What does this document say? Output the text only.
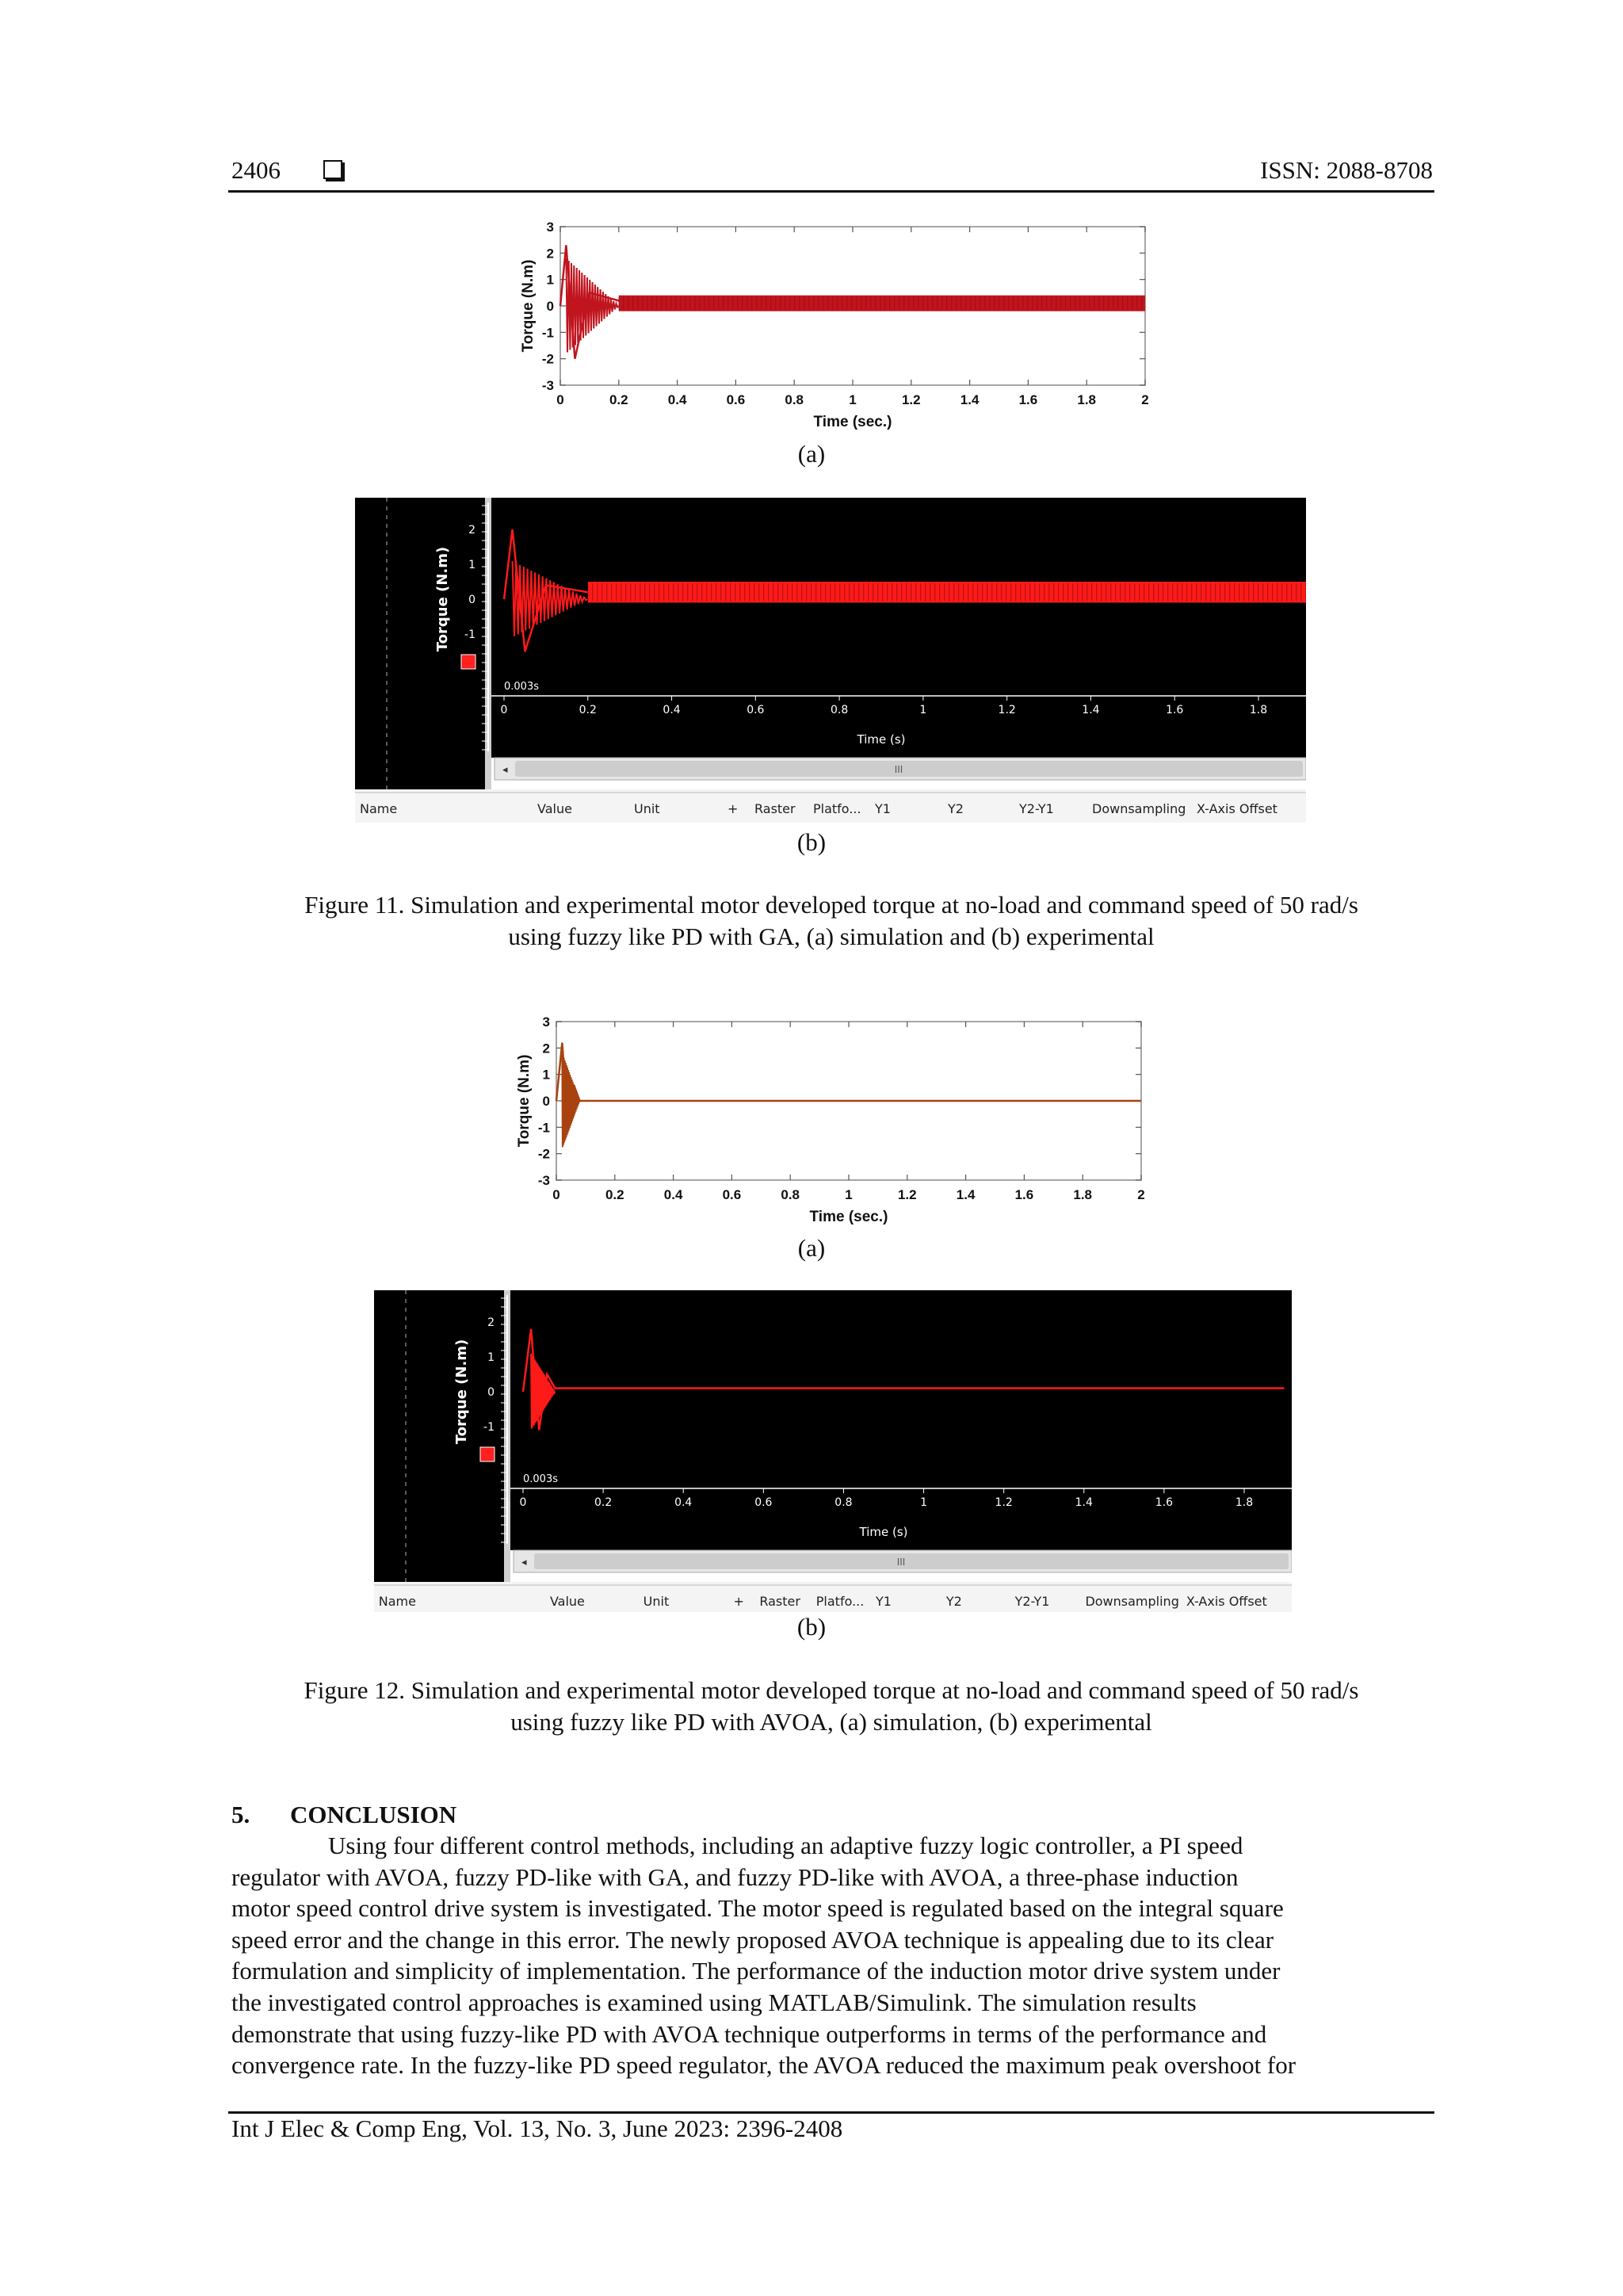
2406	ISSN: 2088-8708
0	0.2	0.4	0.6	0.8	1	1.2	1.4	1.6	1.8	2
3
2
1
0
-1
-2
-3
Time (sec.)
Torque (N.m)
(a)
2
1
0
-1
Torque (N.m)
0.003s
0	0.2	0.4	0.6	0.8	1	1.2	1.4	1.6	1.8
Time (s)
◂	III
Name	Value	Unit	+ Raster Platfo... Y1	Y2	Y2-Y1	Downsampling X-Axis Offset
(b)
Figure 11. Simulation and experimental motor developed torque at no-load and command speed of 50 rad/s
using fuzzy like PD with GA, (a) simulation and (b) experimental
0	0.2	0.4	0.6	0.8	1	1.2	1.4	1.6	1.8	2
3
2
1
0
-1
-2
-3
Time (sec.)
Torque (N.m)
(a)
2
1
0
-1
Torque (N.m)
0.003s
0	0.2	0.4	0.6	0.8	1	1.2	1.4	1.6	1.8
Time (s)
◂	III
Name	Value	Unit	+ Raster Platfo... Y1	Y2	Y2-Y1	Downsampling X-Axis Offset
(b)
Figure 12. Simulation and experimental motor developed torque at no-load and command speed of 50 rad/s
using fuzzy like PD with AVOA, (a) simulation, (b) experimental
5. CONCLUSION
Using four different control methods, including an adaptive fuzzy logic controller, a PI speed
regulator with AVOA, fuzzy PD-like with GA, and fuzzy PD-like with AVOA, a three-phase induction
motor speed control drive system is investigated. The motor speed is regulated based on the integral square
speed error and the change in this error. The newly proposed AVOA technique is appealing due to its clear
formulation and simplicity of implementation. The performance of the induction motor drive system under
the investigated control approaches is examined using MATLAB/Simulink. The simulation results
demonstrate that using fuzzy-like PD with AVOA technique outperforms in terms of the performance and
convergence rate. In the fuzzy-like PD speed regulator, the AVOA reduced the maximum peak overshoot for
Int J Elec & Comp Eng, Vol. 13, No. 3, June 2023: 2396-2408
